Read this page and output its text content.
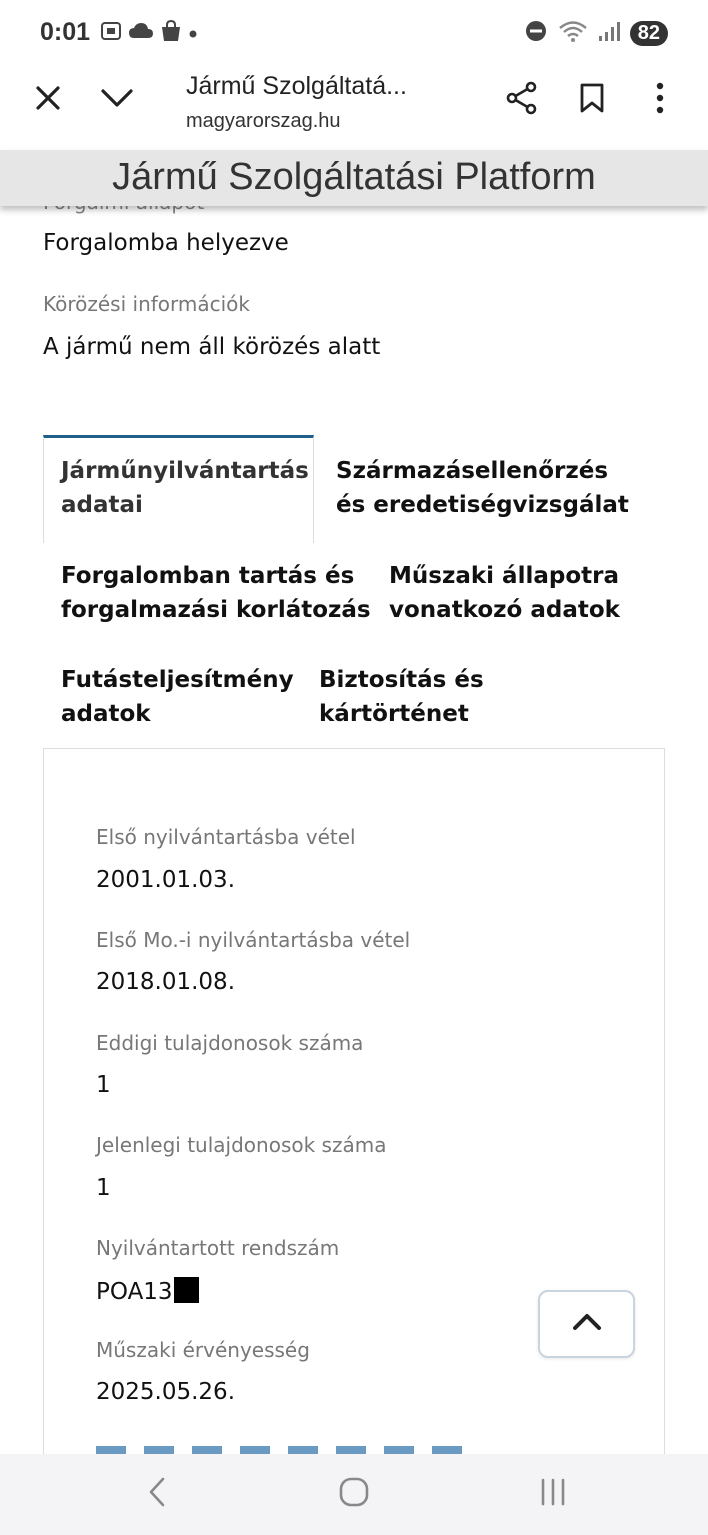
0:01	82
Jármű Szolgáltatá...
magyarorszag.hu
Jármű Szolgáltatási Platform
Forgalomba helyezve
Körözési információk
A jármű nem áll körözés alatt
Járműnyilvántartás
adatai
Származásellenőrzés
és eredetiségvizsgálat
Forgalomban tartás és
forgalmazási korlátozás
Műszaki állapotra
vonatkozó adatok
Futásteljesítmény
adatok
Biztosítás és
kártörténet
Első nyilvántartásba vétel
2001.01.03.
Első Mo.-i nyilvántartásba vétel
2018.01.08.
Eddigi tulajdonosok száma
1
Jelenlegi tulajdonosok száma
1
Nyilvántartott rendszám
POA13
Műszaki érvényesség
2025.05.26.
